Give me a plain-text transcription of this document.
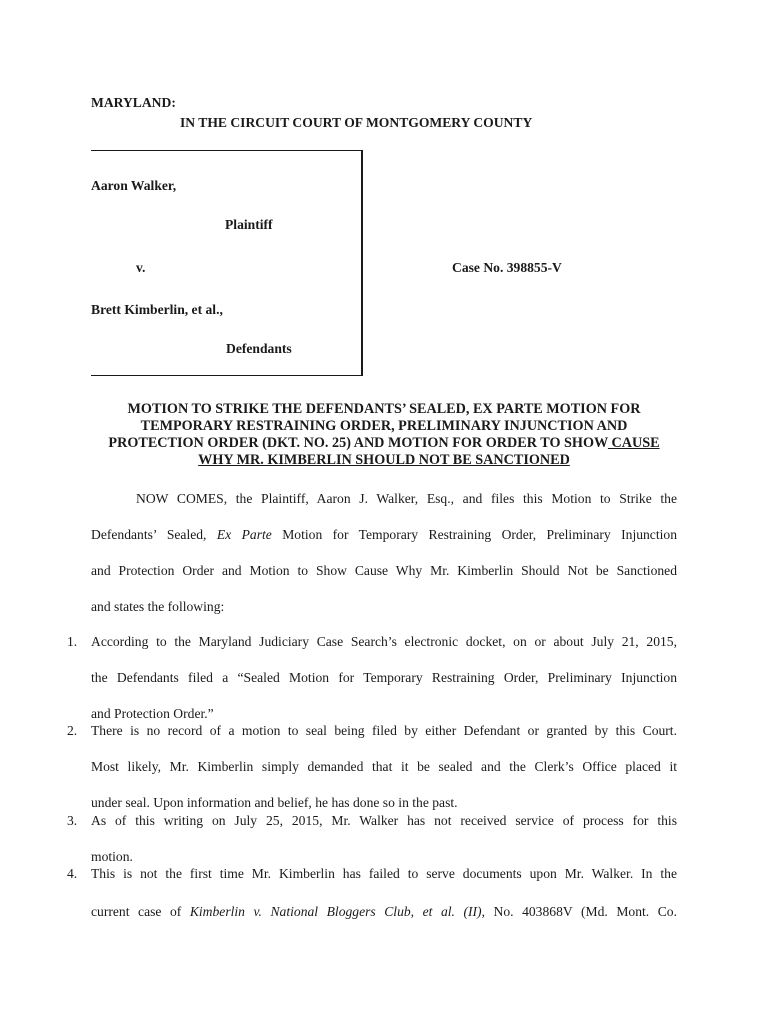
MARYLAND:
IN THE CIRCUIT COURT OF MONTGOMERY COUNTY
Aaron Walker,
Plaintiff
v.	Case No. 398855-V
Brett Kimberlin, et al.,
Defendants
MOTION TO STRIKE THE DEFENDANTS’ SEALED, EX PARTE MOTION FOR
TEMPORARY RESTRAINING ORDER, PRELIMINARY INJUNCTION AND
PROTECTION ORDER (DKT. NO. 25) AND MOTION FOR ORDER TO SHOW CAUSE
WHY MR. KIMBERLIN SHOULD NOT BE SANCTIONED
NOW COMES, the Plaintiff, Aaron J. Walker, Esq., and files this Motion to Strike the
Defendants’ Sealed, Ex Parte Motion for Temporary Restraining Order, Preliminary Injunction
and Protection Order and Motion to Show Cause Why Mr. Kimberlin Should Not be Sanctioned
and states the following:
1. According to the Maryland Judiciary Case Search’s electronic docket, on or about July 21, 2015,
the Defendants filed a “Sealed Motion for Temporary Restraining Order, Preliminary Injunction
and Protection Order.”
2. There is no record of a motion to seal being filed by either Defendant or granted by this Court.
Most likely, Mr. Kimberlin simply demanded that it be sealed and the Clerk’s Office placed it
under seal. Upon information and belief, he has done so in the past.
3. As of this writing on July 25, 2015, Mr. Walker has not received service of process for this
motion.
4. This is not the first time Mr. Kimberlin has failed to serve documents upon Mr. Walker. In the
current case of Kimberlin v. National Bloggers Club, et al. (II), No. 403868V (Md. Mont. Co.
